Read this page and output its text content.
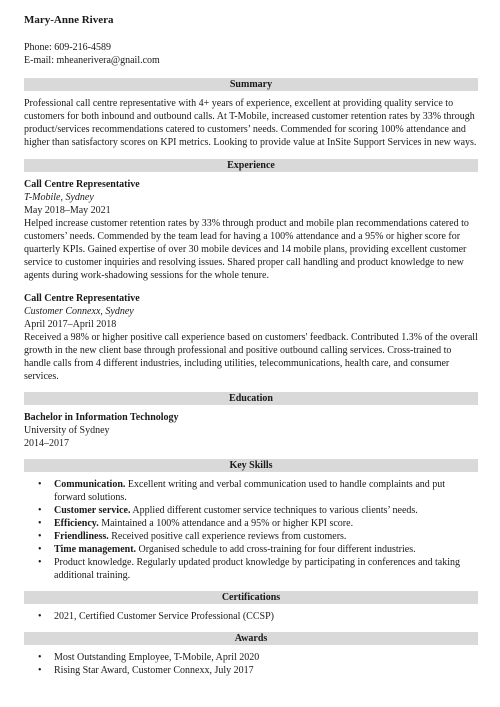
Mary-Anne Rivera
Phone: 609-216-4589
E-mail: mheanerivera@gnail.com
Summary

Professional call centre representative with 4+ years of experience, excellent at providing quality service to customers for both inbound and outbound calls. At T-Mobile, increased customer retention rates by 33% through product/services recommendations catered to customers’ needs. Commended for scoring 100% attendance and higher than satisfactory scores on KPI metrics. Looking to provide value at InSite Support Services in new ways.

Experience
Call Centre Representative
T-Mobile, Sydney
May 2018–May 2021

Helped increase customer retention rates by 33% through product and mobile plan recommendations catered to customers’ needs. Commended by the team lead for having a 100% attendance and a 95% or higher score for quarterly KPIs. Gained expertise of over 30 mobile devices and 14 mobile plans, providing excellent customer service to customer inquiries and resolving issues. Shared proper call handling and product knowledge to new agents during work-shadowing sessions for the whole tenure.

Call Centre Representative
Customer Connexx, Sydney
April 2017–April 2018

Received a 98% or higher positive call experience based on customers' feedback. Contributed 1.3% of the overall growth in the new client base through professional and positive outbound calling services. Cross-trained to handle calls from 4 different industries, including utilities, telecommunications, health care, and consumer services.

Education
Bachelor in Information Technology
University of Sydney
2014–2017
Key Skills
• Communication. Excellent writing and verbal communication used to handle complaints and put forward solutions.
• Customer service. Applied different customer service techniques to various clients’ needs.
• Efficiency. Maintained a 100% attendance and a 95% or higher KPI score.
• Friendliness. Received positive call experience reviews from customers.
• Time management. Organised schedule to add cross-training for four different industries.
• Product knowledge. Regularly updated product knowledge by participating in conferences and taking additional training.
Certifications
• 2021, Certified Customer Service Professional (CCSP)
Awards
• Most Outstanding Employee, T-Mobile, April 2020
• Rising Star Award, Customer Connexx, July 2017
